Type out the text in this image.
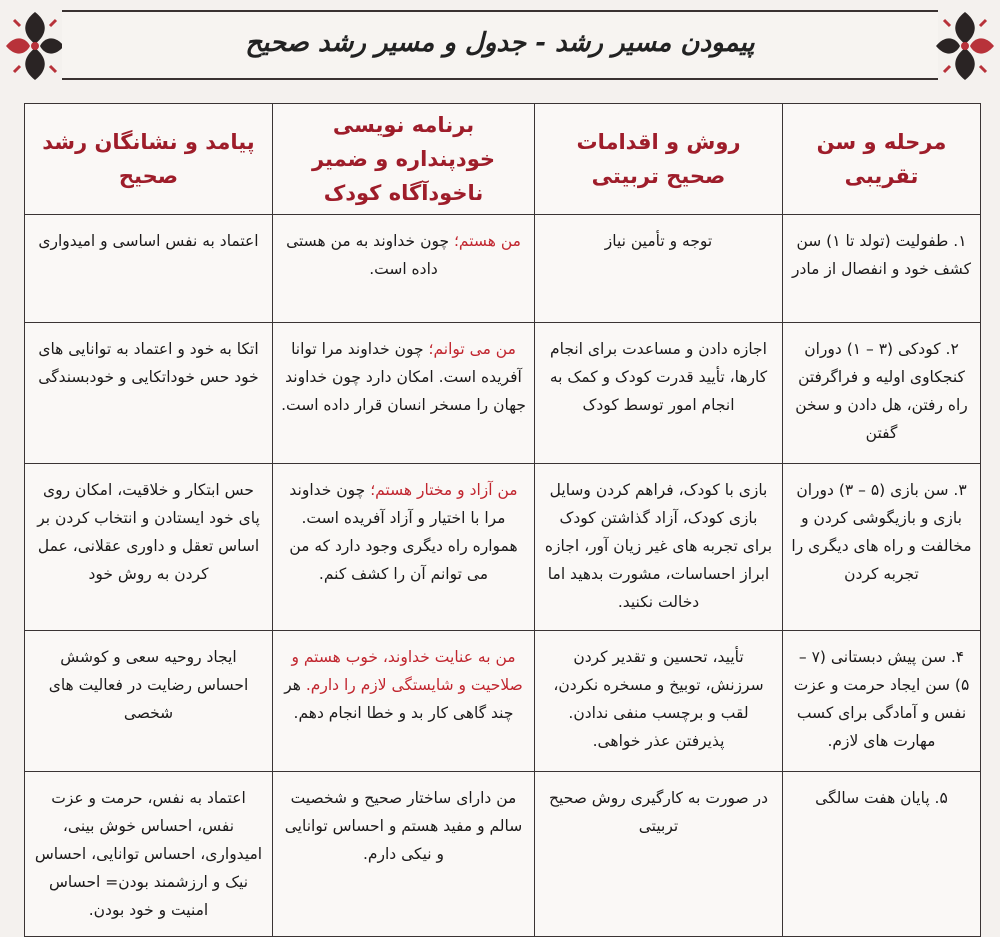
پیمودن مسیر رشد - جدول و مسیر رشد صحیح
مرحله و سن تقریبی	روش و اقدامات صحیح تربیتی	برنامه نویسی خودپنداره و ضمیر ناخودآگاه کودک	پیامد و نشانگان رشد صحیح
۱. طفولیت (تولد تا ۱) سن کشف خود و انفصال از مادر	توجه و تأمین نیاز	من هستم؛ چون خداوند به من هستی داده است.	اعتماد به نفس اساسی و امیدواری
۲. کودکی (۳ – ۱) دوران کنجکاوی اولیه و فراگرفتن راه رفتن، هل دادن و سخن گفتن	اجازه دادن و مساعدت برای انجام کارها، تأیید قدرت کودک و کمک به انجام امور توسط کودک	من می توانم؛ چون خداوند مرا توانا آفریده است. امکان دارد چون خداوند جهان را مسخر انسان قرار داده است.	اتکا به خود و اعتماد به توانایی های خود حس خوداتکایی و خودبسندگی
۳. سن بازی (۵ – ۳) دوران بازی و بازیگوشی کردن و مخالفت و راه های دیگری را تجربه کردن	بازی با کودک، فراهم کردن وسایل بازی کودک، آزاد گذاشتن کودک برای تجربه های غیر زیان آور، اجازه ابراز احساسات، مشورت بدهید اما دخالت نکنید.	من آزاد و مختار هستم؛ چون خداوند مرا با اختیار و آزاد آفریده است. همواره راه دیگری وجود دارد که من می توانم آن را کشف کنم.	حس ابتکار و خلاقیت، امکان روی پای خود ایستادن و انتخاب کردن بر اساس تعقل و داوری عقلانی، عمل کردن به روش خود
۴. سن پیش دبستانی (۷ – ۵) سن ایجاد حرمت و عزت نفس و آمادگی برای کسب مهارت های لازم.	تأیید، تحسین و تقدیر کردن سرزنش، توبیخ و مسخره نکردن، لقب و برچسب منفی ندادن. پذیرفتن عذر خواهی.	من به عنایت خداوند، خوب هستم و صلاحیت و شایستگی لازم را دارم. هر چند گاهی کار بد و خطا انجام دهم.	ایجاد روحیه سعی و کوشش احساس رضایت در فعالیت های شخصی
۵. پایان هفت سالگی	در صورت به کارگیری روش صحیح تربیتی	من دارای ساختار صحیح و شخصیت سالم و مفید هستم و احساس توانایی و نیکی دارم.	اعتماد به نفس، حرمت و عزت نفس، احساس خوش بینی، امیدواری، احساس توانایی، احساس نیک و ارزشمند بودن= احساس امنیت و خود بودن.
